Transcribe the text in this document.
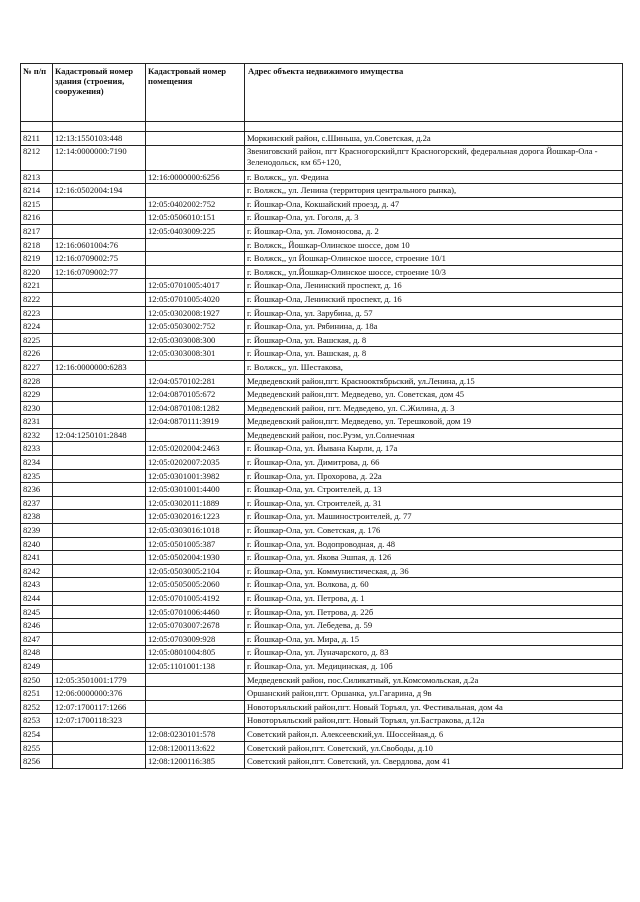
№ п/п	Кадастровый номер здания (строения, сооружения)	Кадастровый номер помещения	Адрес объекта недвижимого имущества

8211	12:13:1550103:448		Моркинский район, с.Шиньша, ул.Советская, д.2а
8212	12:14:0000000:7190		Звениговский район, пгт Красногорский,пгт Красногорский, федеральная дорога Йошкар-Ола - Зеленодольск, км 65+120,
8213		12:16:0000000:6256	г. Волжск,, ул. Федина
8214	12:16:0502004:194		г. Волжск,, ул. Ленина (территория центрального рынка),
8215		12:05:0402002:752	г. Йошкар-Ола, Кокшайский проезд, д. 47
8216		12:05:0506010:151	г. Йошкар-Ола, ул. Гоголя, д. 3
8217		12:05:0403009:225	г. Йошкар-Ола, ул. Ломоносова, д. 2
8218	12:16:0601004:76		г. Волжск,, Йошкар-Олинское шоссе, дом 10
8219	12:16:0709002:75		г. Волжск,, ул Йошкар-Олинское шоссе, строение 10/1
8220	12:16:0709002:77		г. Волжск,, ул.Йошкар-Олинское шоссе, строение 10/3
8221		12:05:0701005:4017	г. Йошкар-Ола, Ленинский проспект, д. 16
8222		12:05:0701005:4020	г. Йошкар-Ола, Ленинский проспект, д. 16
8223		12:05:0302008:1927	г. Йошкар-Ола, ул. Зарубина, д. 57
8224		12:05:0503002:752	г. Йошкар-Ола, ул. Рябинина, д. 18а
8225		12:05:0303008:300	г. Йошкар-Ола, ул. Вашская, д. 8
8226		12:05:0303008:301	г. Йошкар-Ола, ул. Вашская, д. 8
8227	12:16:0000000:6283		г. Волжск,, ул. Шестакова,
8228		12:04:0570102:281	Медведевский район,пгт. Краснооктябрьский, ул.Ленина, д.15
8229		12:04:0870105:672	Медведевский район,пгт. Медведево, ул. Советская, дом 45
8230		12:04:0870108:1282	Медведевский район, пгт. Медведево, ул. С.Жилина, д. 3
8231		12:04:0870111:3919	Медведевский район,пгт. Медведево, ул. Терешковой, дом 19
8232	12:04:1250101:2848		Медведевский район, пос.Руэм, ул.Солнечная
8233		12:05:0202004:2463	г. Йошкар-Ола, ул. Йывана Кырли, д. 17а
8234		12:05:0202007:2035	г. Йошкар-Ола, ул. Димитрова, д. 66
8235		12:05:0301001:3982	г. Йошкар-Ола, ул. Прохорова, д. 22а
8236		12:05:0301001:4400	г. Йошкар-Ола, ул. Строителей, д. 13
8237		12:05:0302011:1889	г. Йошкар-Ола, ул. Строителей, д. 31
8238		12:05:0302016:1223	г. Йошкар-Ола, ул. Машиностроителей, д. 77
8239		12:05:0303016:1018	г. Йошкар-Ола, ул. Советская, д. 176
8240		12:05:0501005:387	г. Йошкар-Ола, ул. Водопроводная, д. 48
8241		12:05:0502004:1930	г. Йошкар-Ола, ул. Якова Эшпая, д. 126
8242		12:05:0503005:2104	г. Йошкар-Ола, ул. Коммунистическая, д. 36
8243		12:05:0505005:2060	г. Йошкар-Ола, ул. Волкова, д. 60
8244		12:05:0701005:4192	г. Йошкар-Ола, ул. Петрова, д. 1
8245		12:05:0701006:4460	г. Йошкар-Ола, ул. Петрова, д. 22б
8246		12:05:0703007:2678	г. Йошкар-Ола, ул. Лебедева, д. 59
8247		12:05:0703009:928	г. Йошкар-Ола, ул. Мира, д. 15
8248		12:05:0801004:805	г. Йошкар-Ола, ул. Луначарского, д. 83
8249		12:05:1101001:138	г. Йошкар-Ола, ул. Медицинская, д. 10б
8250	12:05:3501001:1779		Медведевский район, пос.Силикатный, ул.Комсомольская, д.2а
8251	12:06:0000000:376		Оршанский район,пгт. Оршанка, ул.Гагарина, д 9в
8252	12:07:1700117:1266		Новоторъяльский район,пгт. Новый Торъял, ул. Фестивальная, дом 4а
8253	12:07:1700118:323		Новоторъяльский район,пгт. Новый Торъял, ул.Бастракова, д.12а
8254		12:08:0230101:578	Советский район,п. Алексеевский,ул. Шоссейная,д. 6
8255		12:08:1200113:622	Советский район,пгт. Советский, ул.Свободы, д.10
8256		12:08:1200116:385	Советский район,пгт. Советский, ул. Свердлова, дом 41
